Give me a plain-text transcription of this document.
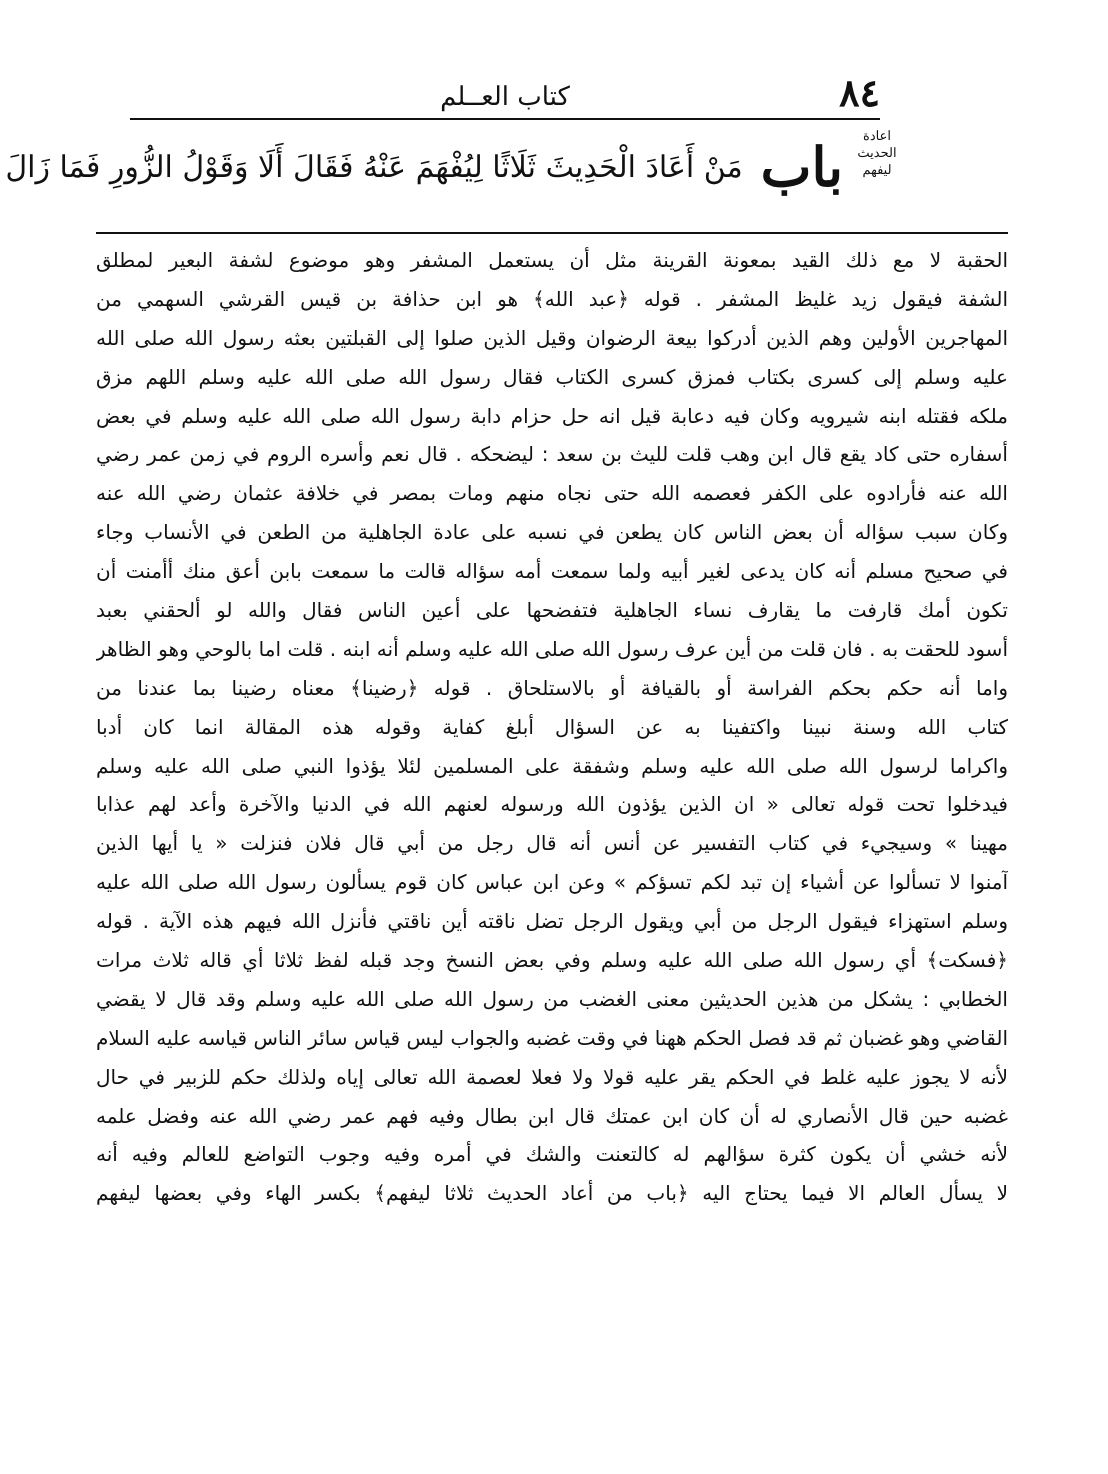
٨٤
كتاب العــلم
اعادة الحديث ليفهم
باب
مَنْ أَعَادَ الْحَدِيثَ ثَلَاثًا لِيُفْهَمَ عَنْهُ فَقَالَ أَلَا وَقَوْلُ الزُّورِ فَمَا زَالَ
الحقبة لا مع ذلك القيد بمعونة القرينة مثل أن يستعمل المشفر وهو موضوع لشفة البعير لمطلق
الشفة فيقول زيد غليظ المشفر . قوله ﴿عبد الله﴾ هو ابن حذافة بن قيس القرشي السهمي من
المهاجرين الأولين وهم الذين أدركوا بيعة الرضوان وقيل الذين صلوا إلى القبلتين بعثه رسول الله صلى الله
عليه وسلم إلى كسرى بكتاب فمزق كسرى الكتاب فقال رسول الله صلى الله عليه وسلم اللهم مزق
ملكه فقتله ابنه شيرويه وكان فيه دعابة قيل انه حل حزام دابة رسول الله صلى الله عليه وسلم في بعض
أسفاره حتى كاد يقع قال ابن وهب قلت لليث بن سعد : ليضحكه . قال نعم وأسره الروم في زمن عمر رضي
الله عنه فأرادوه على الكفر فعصمه الله حتى نجاه منهم ومات بمصر في خلافة عثمان رضي الله عنه
وكان سبب سؤاله أن بعض الناس كان يطعن في نسبه على عادة الجاهلية من الطعن في الأنساب وجاء
في صحيح مسلم أنه كان يدعى لغير أبيه ولما سمعت أمه سؤاله قالت ما سمعت بابن أعق منك أأمنت أن
تكون أمك قارفت ما يقارف نساء الجاهلية فتفضحها على أعين الناس فقال والله لو ألحقني بعبد
أسود للحقت به . فان قلت من أين عرف رسول الله صلى الله عليه وسلم أنه ابنه . قلت اما بالوحي وهو الظاهر
واما أنه حكم بحكم الفراسة أو بالقيافة أو بالاستلحاق . قوله ﴿رضينا﴾ معناه رضينا بما عندنا من
كتاب الله وسنة نبينا واكتفينا به عن السؤال أبلغ كفاية وقوله هذه المقالة انما كان أدبا
واكراما لرسول الله صلى الله عليه وسلم وشفقة على المسلمين لئلا يؤذوا النبي صلى الله عليه وسلم
فيدخلوا تحت قوله تعالى « ان الذين يؤذون الله ورسوله لعنهم الله في الدنيا والآخرة وأعد لهم عذابا
مهينا » وسيجيء في كتاب التفسير عن أنس أنه قال رجل من أبي قال فلان فنزلت « يا أيها الذين
آمنوا لا تسألوا عن أشياء إن تبد لكم تسؤكم » وعن ابن عباس كان قوم يسألون رسول الله صلى الله عليه
وسلم استهزاء فيقول الرجل من أبي ويقول الرجل تضل ناقته أين ناقتي فأنزل الله فيهم هذه الآية . قوله
﴿فسكت﴾ أي رسول الله صلى الله عليه وسلم وفي بعض النسخ وجد قبله لفظ ثلاثا أي قاله ثلاث مرات
الخطابي : يشكل من هذين الحديثين معنى الغضب من رسول الله صلى الله عليه وسلم وقد قال لا يقضي
القاضي وهو غضبان ثم قد فصل الحكم ههنا في وقت غضبه والجواب ليس قياس سائر الناس قياسه عليه السلام
لأنه لا يجوز عليه غلط في الحكم يقر عليه قولا ولا فعلا لعصمة الله تعالى إياه ولذلك حكم للزبير في حال
غضبه حين قال الأنصاري له أن كان ابن عمتك قال ابن بطال وفيه فهم عمر رضي الله عنه وفضل علمه
لأنه خشي أن يكون كثرة سؤالهم له كالتعنت والشك في أمره وفيه وجوب التواضع للعالم وفيه أنه
لا يسأل العالم الا فيما يحتاج اليه ﴿باب من أعاد الحديث ثلاثا ليفهم﴾ بكسر الهاء وفي بعضها ليفهم
